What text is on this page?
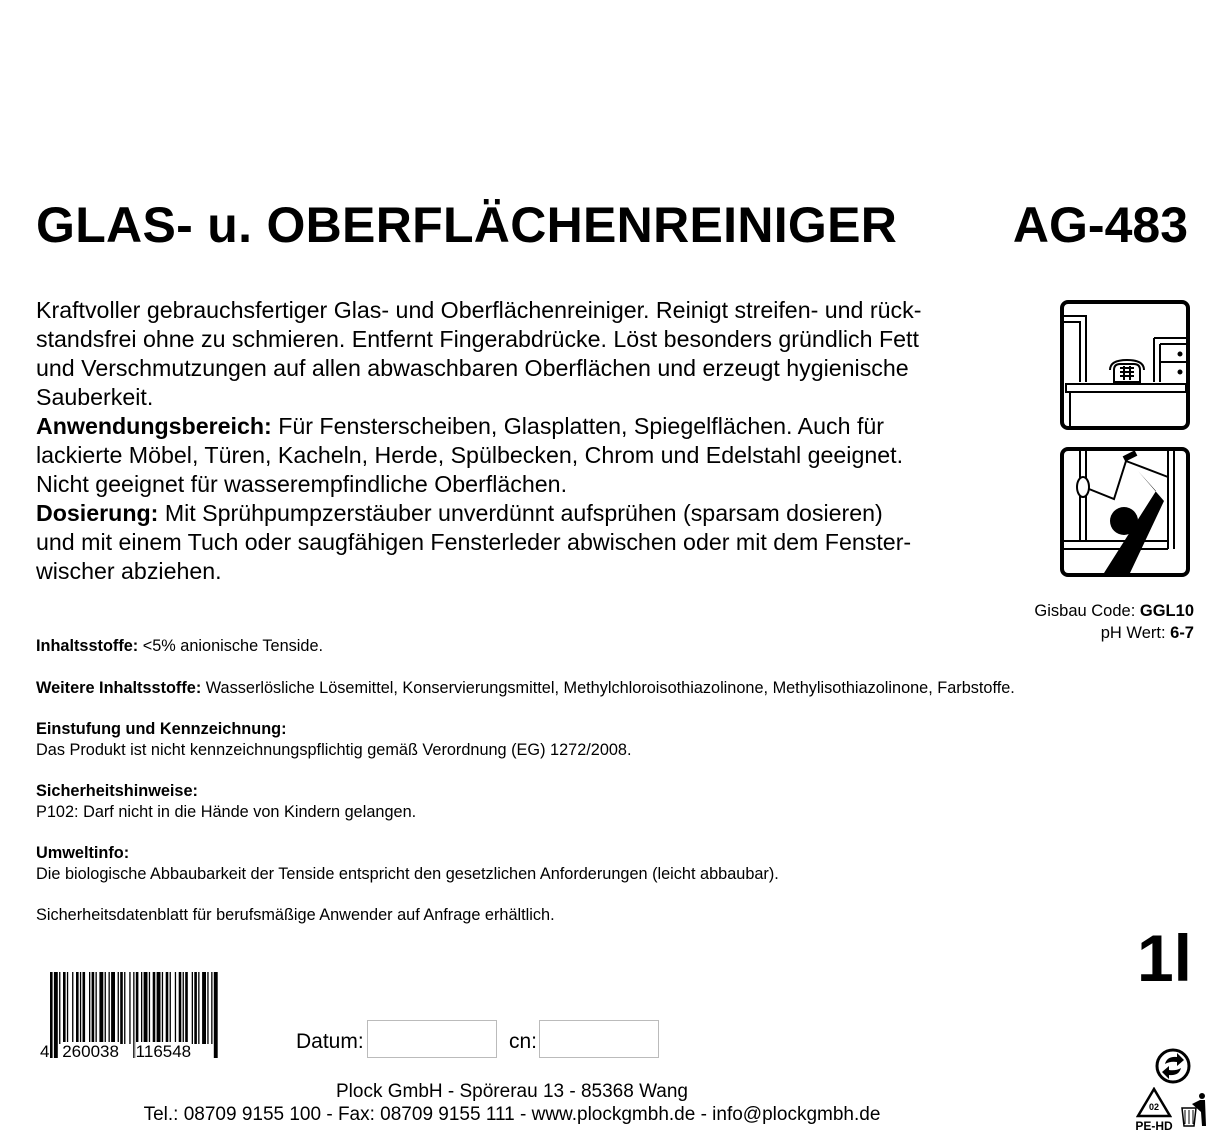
GLAS- u. OBERFLÄCHENREINIGER AG-483
Kraftvoller gebrauchsfertiger Glas- und Oberflächenreiniger. Reinigt streifen- und rück-
standsfrei ohne zu schmieren. Entfernt Fingerabdrücke. Löst besonders gründlich Fett
und Verschmutzungen auf allen abwaschbaren Oberflächen und erzeugt hygienische
Sauberkeit.
Anwendungsbereich: Für Fensterscheiben, Glasplatten, Spiegelflächen. Auch für
lackierte Möbel, Türen, Kacheln, Herde, Spülbecken, Chrom und Edelstahl geeignet.
Nicht geeignet für wasserempfindliche Oberflächen.
Dosierung: Mit Sprühpumpzerstäuber unverdünnt aufsprühen (sparsam dosieren)
und mit einem Tuch oder saugfähigen Fensterleder abwischen oder mit dem Fenster-
wischer abziehen.
Gisbau Code: GGL10
pH Wert: 6-7
Inhaltsstoffe: <5% anionische Tenside.
Weitere Inhaltsstoffe: Wasserlösliche Lösemittel, Konservierungsmittel, Methylchloroisothiazolinone, Methylisothiazolinone, Farbstoffe.
Einstufung und Kennzeichnung:
Das Produkt ist nicht kennzeichnungspflichtig gemäß Verordnung (EG) 1272/2008.
Sicherheitshinweise:
P102: Darf nicht in die Hände von Kindern gelangen.
Umweltinfo:
Die biologische Abbaubarkeit der Tenside entspricht den gesetzlichen Anforderungen (leicht abbaubar).
Sicherheitsdatenblatt für berufsmäßige Anwender auf Anfrage erhältlich.
1l
4 260038 116548	Datum:	cn:
Plock GmbH - Spörerau 13 - 85368 Wang
Tel.: 08709 9155 100 - Fax: 08709 9155 111 - www.plockgmbh.de - info@plockgmbh.de	02
PE-HD
